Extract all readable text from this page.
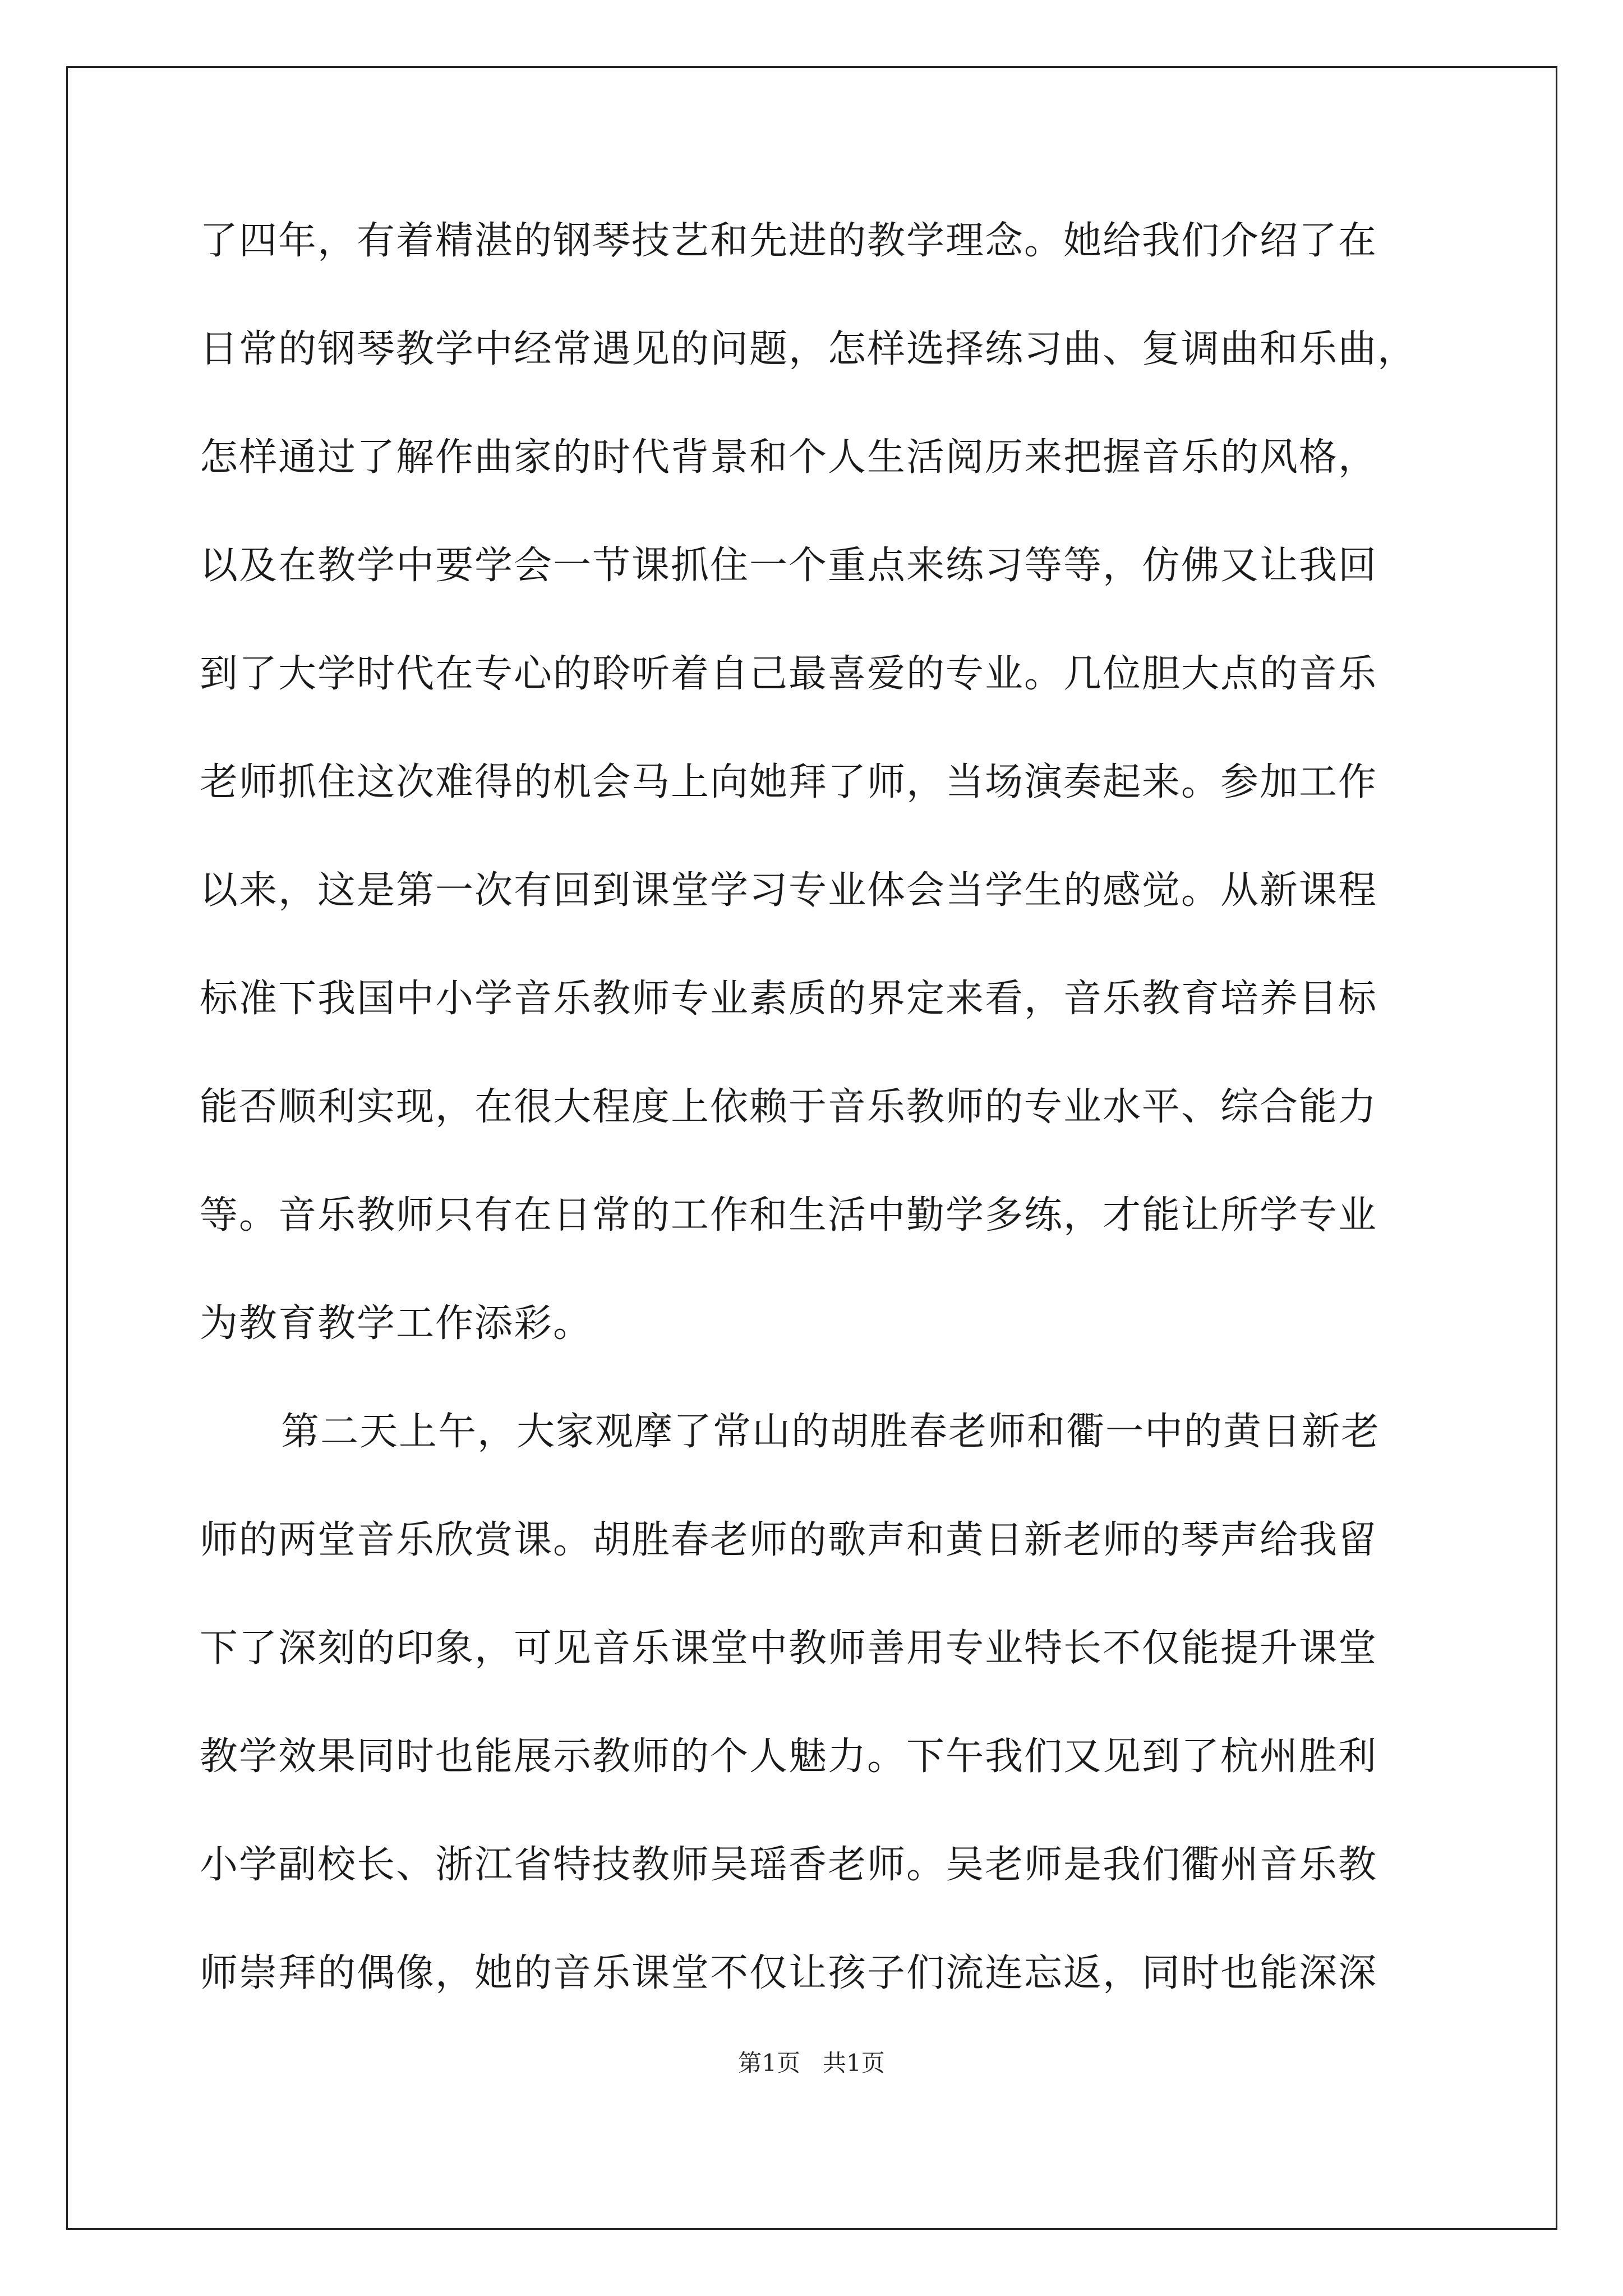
了四年，有着精湛的钢琴技艺和先进的教学理念。她给我们介绍了在
日常的钢琴教学中经常遇见的问题，怎样选择练习曲、复调曲和乐曲，
怎样通过了解作曲家的时代背景和个人生活阅历来把握音乐的风格，
以及在教学中要学会一节课抓住一个重点来练习等等，仿佛又让我回
到了大学时代在专心的聆听着自己最喜爱的专业。几位胆大点的音乐
老师抓住这次难得的机会马上向她拜了师，当场演奏起来。参加工作
以来，这是第一次有回到课堂学习专业体会当学生的感觉。从新课程
标准下我国中小学音乐教师专业素质的界定来看，音乐教育培养目标
能否顺利实现，在很大程度上依赖于音乐教师的专业水平、综合能力
等。音乐教师只有在日常的工作和生活中勤学多练，才能让所学专业
为教育教学工作添彩。
第二天上午，大家观摩了常山的胡胜春老师和衢一中的黄日新老
师的两堂音乐欣赏课。胡胜春老师的歌声和黄日新老师的琴声给我留
下了深刻的印象，可见音乐课堂中教师善用专业特长不仅能提升课堂
教学效果同时也能展示教师的个人魅力。下午我们又见到了杭州胜利
小学副校长、浙江省特技教师吴瑶香老师。吴老师是我们衢州音乐教
师崇拜的偶像，她的音乐课堂不仅让孩子们流连忘返，同时也能深深
第1页   共1页
